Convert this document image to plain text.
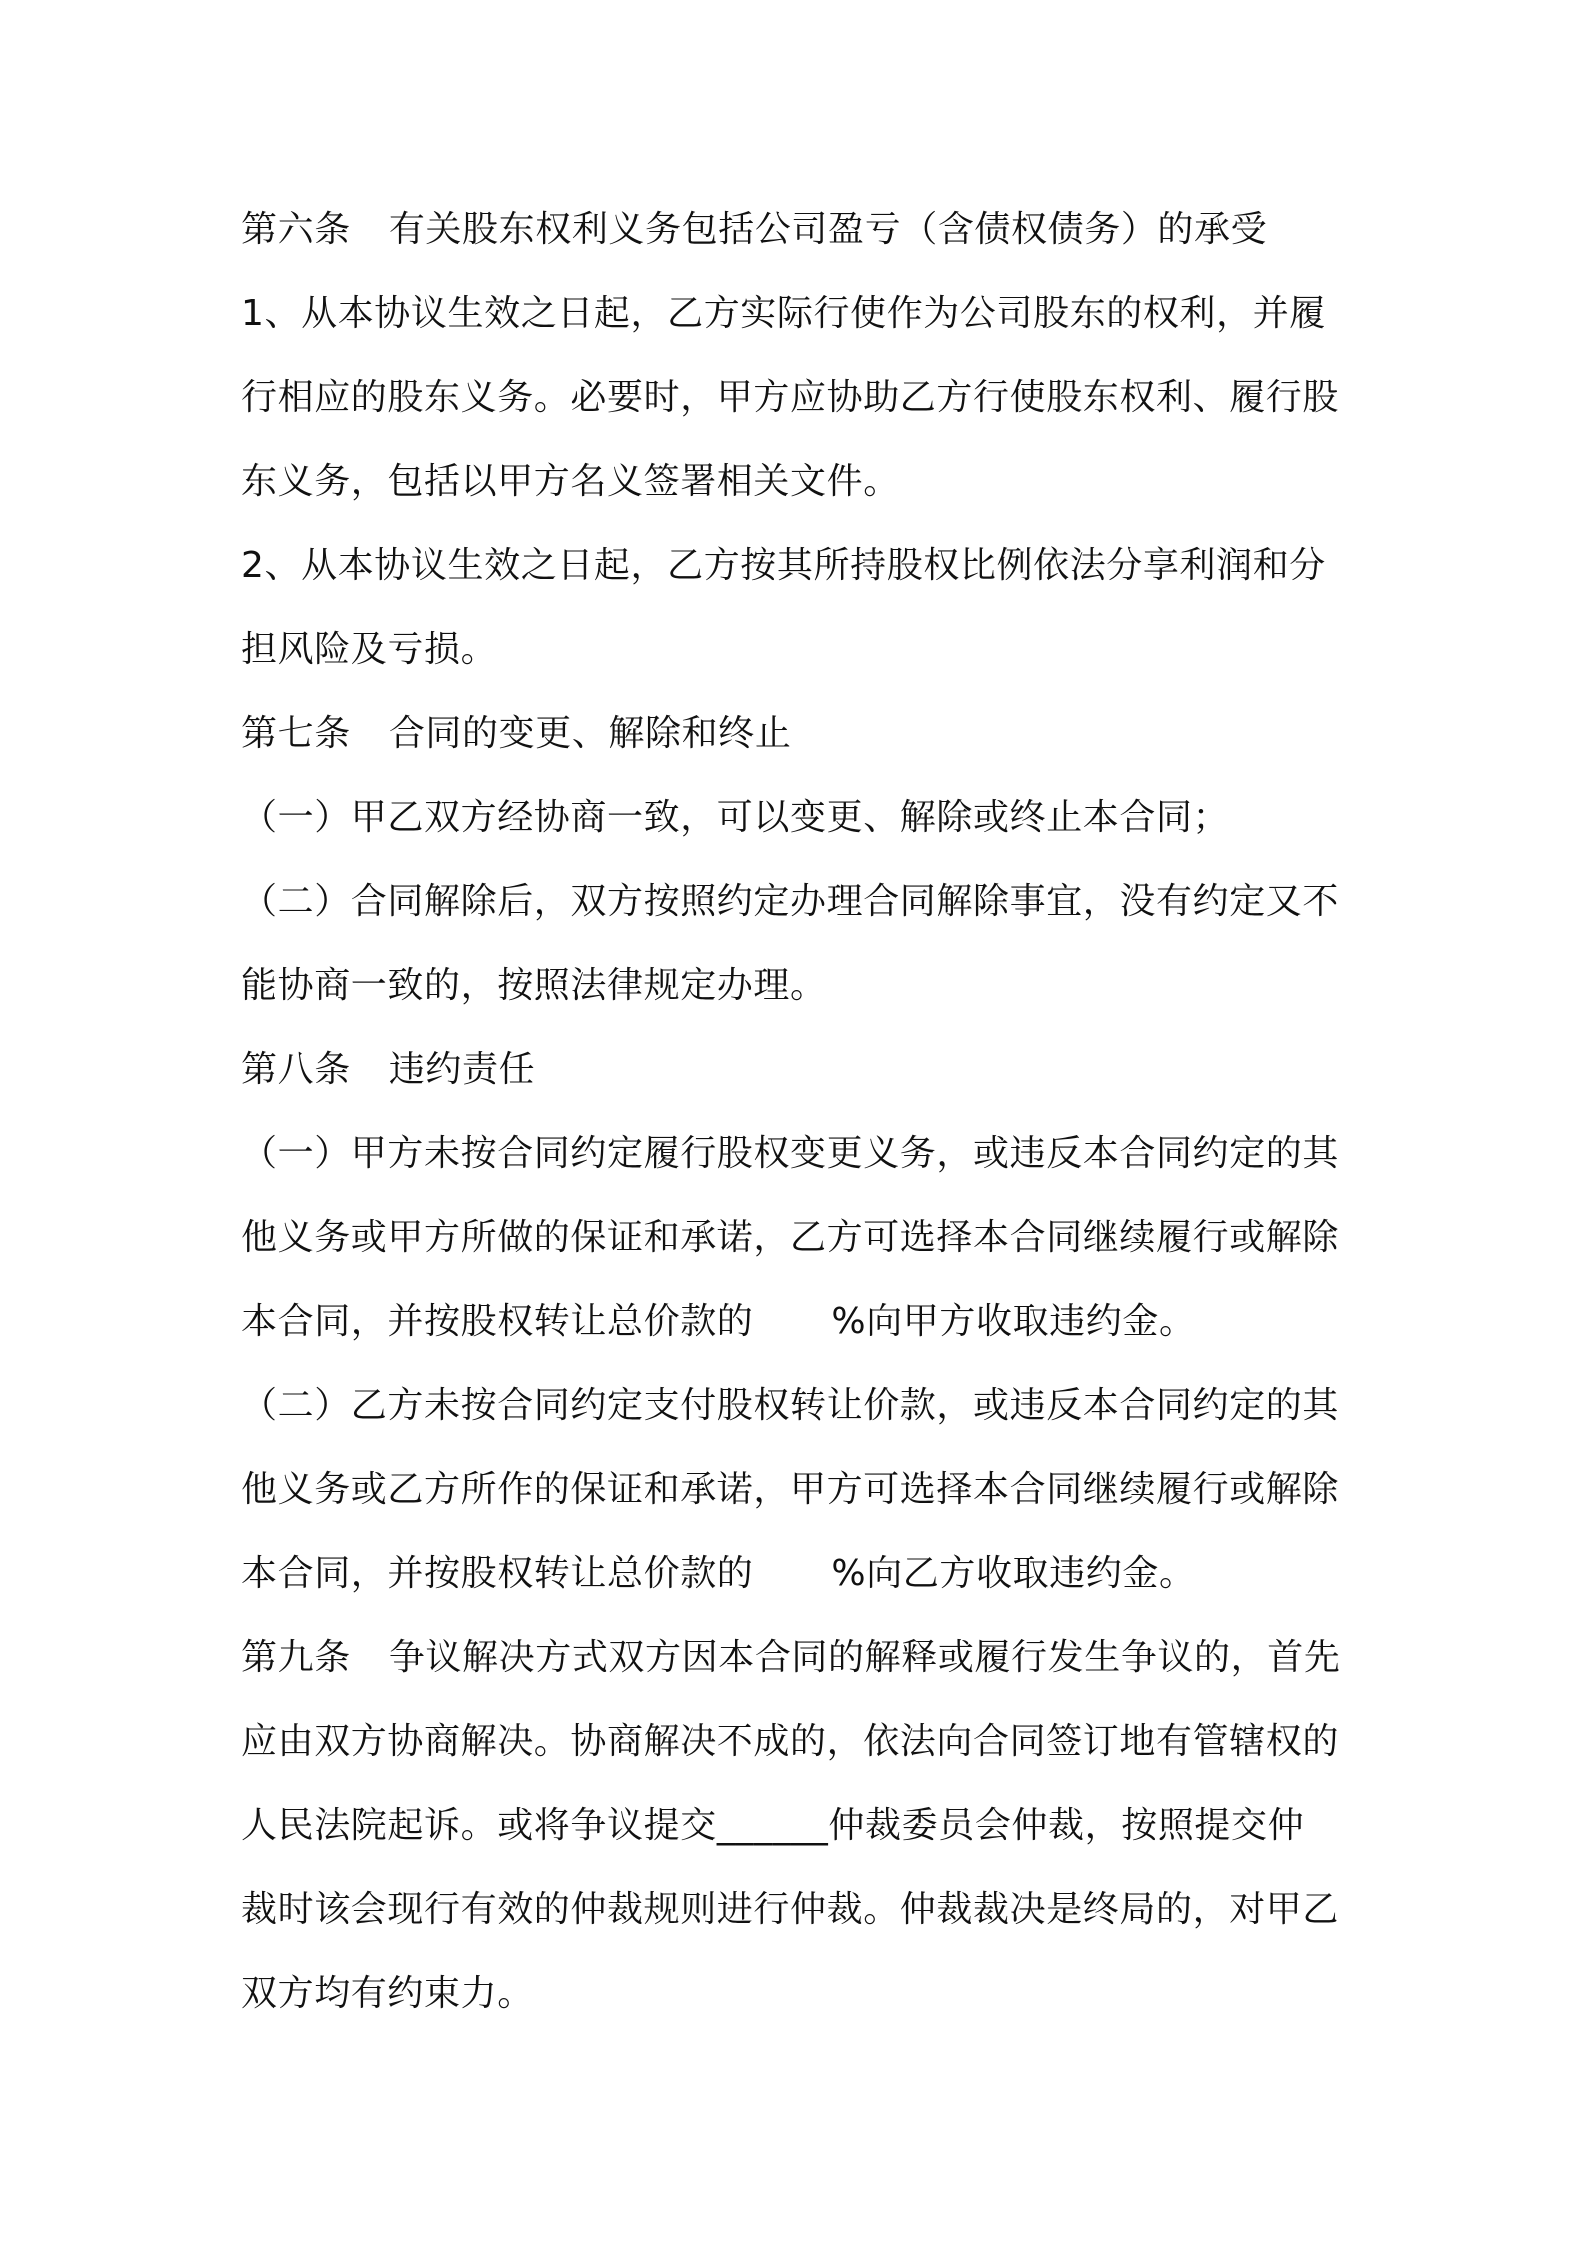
第六条 有关股东权利义务包括公司盈亏（含债权债务）的承受
1、从本协议生效之日起，乙方实际行使作为公司股东的权利，并履
行相应的股东义务。必要时，甲方应协助乙方行使股东权利、履行股
东义务，包括以甲方名义签署相关文件。
2、从本协议生效之日起，乙方按其所持股权比例依法分享利润和分
担风险及亏损。
第七条 合同的变更、解除和终止
（一）甲乙双方经协商一致，可以变更、解除或终止本合同；
（二）合同解除后，双方按照约定办理合同解除事宜，没有约定又不
能协商一致的，按照法律规定办理。
第八条 违约责任
（一）甲方未按合同约定履行股权变更义务，或违反本合同约定的其
他义务或甲方所做的保证和承诺，乙方可选择本合同继续履行或解除
本合同，并按股权转让总价款的 %向甲方收取违约金。
（二）乙方未按合同约定支付股权转让价款，或违反本合同约定的其
他义务或乙方所作的保证和承诺，甲方可选择本合同继续履行或解除
本合同，并按股权转让总价款的 %向乙方收取违约金。
第九条 争议解决方式双方因本合同的解释或履行发生争议的，首先
应由双方协商解决。协商解决不成的，依法向合同签订地有管辖权的
人民法院起诉。或将争议提交______仲裁委员会仲裁，按照提交仲
裁时该会现行有效的仲裁规则进行仲裁。仲裁裁决是终局的，对甲乙
双方均有约束力。
